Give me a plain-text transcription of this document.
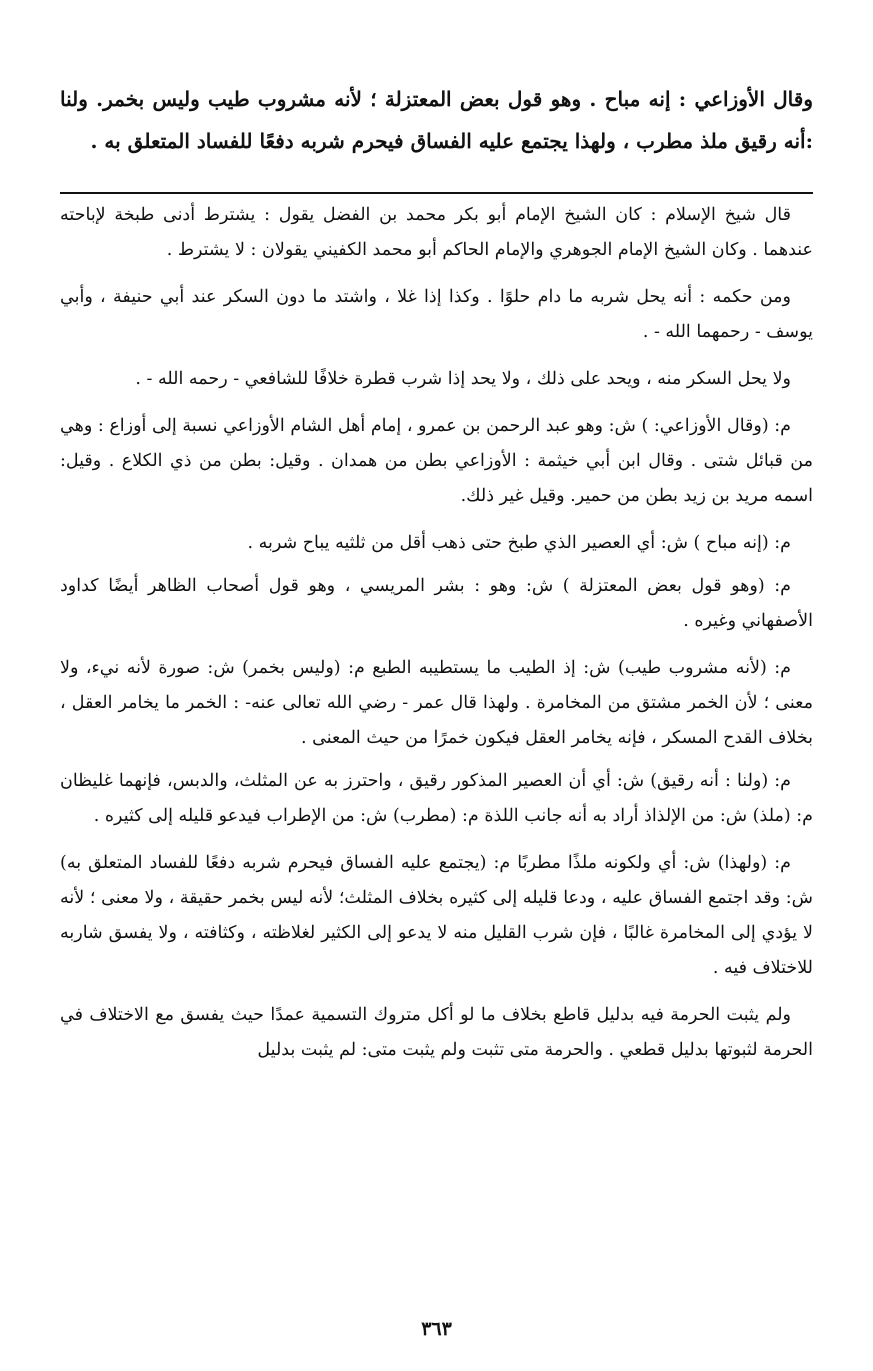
وقال الأوزاعي : إنه مباح . وهو قول بعض المعتزلة ؛ لأنه مشروب طيب وليس بخمر. ولنا :أنه رقيق ملذ مطرب ، ولهذا يجتمع عليه الفساق فيحرم شربه دفعًا للفساد المتعلق به .

قال شيخ الإسلام : كان الشيخ الإمام أبو بكر محمد بن الفضل يقول : يشترط أدنى طبخة لإباحته عندهما . وكان الشيخ الإمام الجوهري والإمام الحاكم أبو محمد الكفيني يقولان : لا يشترط .

ومن حكمه : أنه يحل شربه ما دام حلوًا . وكذا إذا غلا ، واشتد ما دون السكر عند أبي حنيفة ، وأبي يوسف - رحمهما الله - .

ولا يحل السكر منه ، ويحد على ذلك ، ولا يحد إذا شرب قطرة خلافًا للشافعي - رحمه الله - .

م: (وقال الأوزاعي: ) ش: وهو عبد الرحمن بن عمرو ، إمام أهل الشام الأوزاعي نسبة إلى أوزاع : وهي من قبائل شتى . وقال ابن أبي خيثمة : الأوزاعي بطن من همدان . وقيل: بطن من ذي الكلاع . وقيل: اسمه مريد بن زيد بطن من حمير. وقيل غير ذلك.

م: (إنه مباح ) ش: أي العصير الذي طبخ حتى ذهب أقل من ثلثيه يباح شربه .

م: (وهو قول بعض المعتزلة ) ش: وهو : بشر المريسي ، وهو قول أصحاب الظاهر أيضًا كداود الأصفهاني وغيره .

م: (لأنه مشروب طيب) ش: إذ الطيب ما يستطيبه الطبع م: (وليس بخمر) ش: صورة لأنه نيء، ولا معنى ؛ لأن الخمر مشتق من المخامرة . ولهذا قال عمر - رضي الله تعالى عنه- : الخمر ما يخامر العقل ، بخلاف القدح المسكر ، فإنه يخامر العقل فيكون خمرًا من حيث المعنى .

م: (ولنا : أنه رقيق) ش: أي أن العصير المذكور رقيق ، واحترز به عن المثلث، والدبس، فإنهما غليظان م: (ملذ) ش: من الإلذاذ أراد به أنه جانب اللذة م: (مطرب) ش: من الإطراب فيدعو قليله إلى كثيره .

م: (ولهذا) ش: أي ولكونه ملذًا مطربًا م: (يجتمع عليه الفساق فيحرم شربه دفعًا للفساد المتعلق به) ش: وقد اجتمع الفساق عليه ، ودعا قليله إلى كثيره بخلاف المثلث؛ لأنه ليس بخمر حقيقة ، ولا معنى ؛ لأنه لا يؤدي إلى المخامرة غالبًا ، فإن شرب القليل منه لا يدعو إلى الكثير لغلاظته ، وكثافته ، ولا يفسق شاربه للاختلاف فيه .

ولم يثبت الحرمة فيه بدليل قاطع بخلاف ما لو أكل متروك التسمية عمدًا حيث يفسق مع الاختلاف في الحرمة لثبوتها بدليل قطعي . والحرمة متى تثبت ولم يثبت متى: لم يثبت بدليل

٣٦٣
